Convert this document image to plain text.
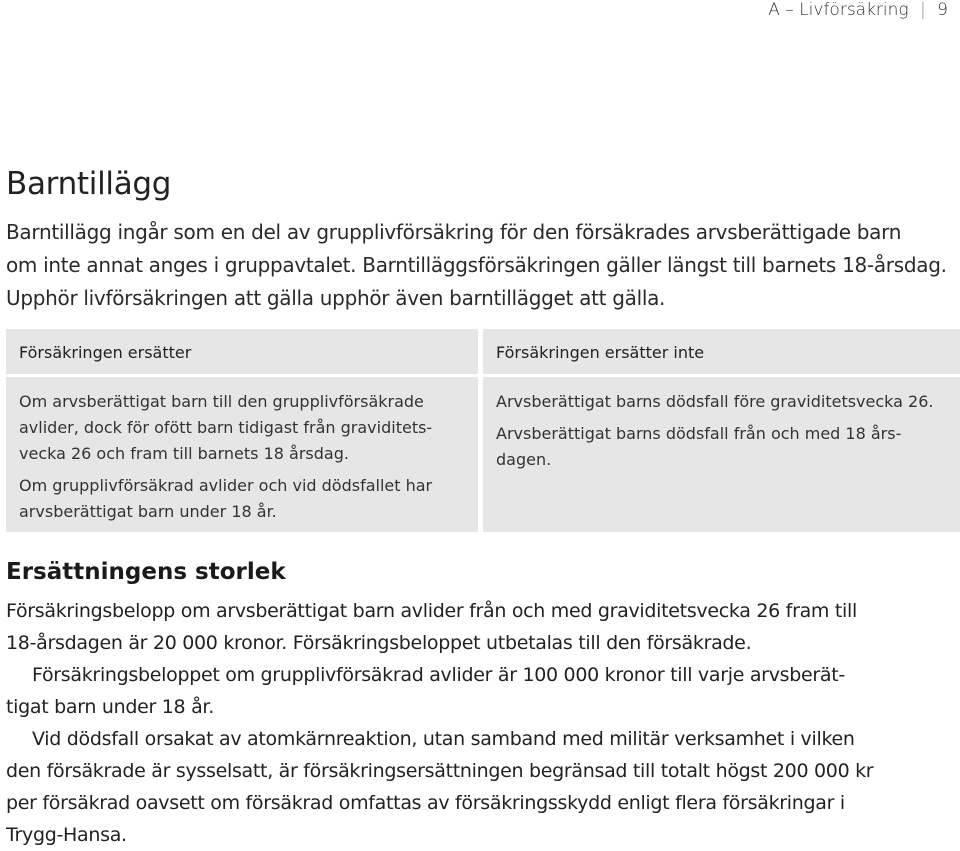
A – Livförsäkring | 9
Barntillägg
Barntillägg ingår som en del av grupplivförsäkring för den försäkrades arvsberättigade barn
om inte annat anges i gruppavtalet. Barntilläggsförsäkringen gäller längst till barnets 18-årsdag.
Upphör livförsäkringen att gälla upphör även barntillägget att gälla.
Försäkringen ersätter

Om arvsberättigat barn till den grupplivförsäkrade
avlider, dock för ofött barn tidigast från graviditets-
vecka 26 och fram till barnets 18 årsdag.

Om grupplivförsäkrad avlider och vid dödsfallet har
arvsberättigat barn under 18 år.

Försäkringen ersätter inte

Arvsberättigat barns dödsfall före graviditetsvecka 26.

Arvsberättigat barns dödsfall från och med 18 års-
dagen.

Ersättningens storlek

Försäkringsbelopp om arvsberättigat barn avlider från och med graviditetsvecka 26 fram till
18-årsdagen är 20 000 kronor. Försäkringsbeloppet utbetalas till den försäkrade.

Försäkringsbeloppet om grupplivförsäkrad avlider är 100 000 kronor till varje arvsberät-
tigat barn under 18 år.

Vid dödsfall orsakat av atomkärnreaktion, utan samband med militär verksamhet i vilken
den försäkrade är sysselsatt, är försäkringsersättningen begränsad till totalt högst 200 000 kr
per försäkrad oavsett om försäkrad omfattas av försäkringsskydd enligt flera försäkringar i
Trygg-Hansa.
